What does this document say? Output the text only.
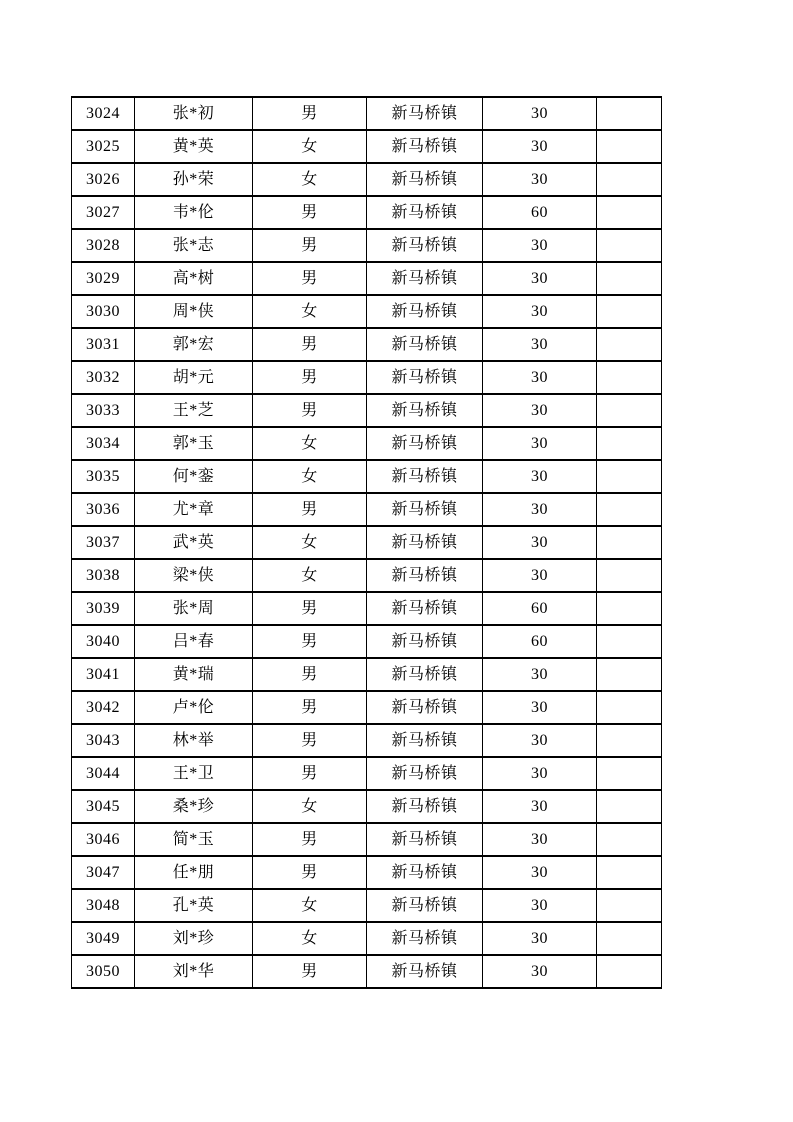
3024	张*初	男	新马桥镇	30	
3025	黄*英	女	新马桥镇	30	
3026	孙*荣	女	新马桥镇	30	
3027	韦*伦	男	新马桥镇	60	
3028	张*志	男	新马桥镇	30	
3029	高*树	男	新马桥镇	30	
3030	周*侠	女	新马桥镇	30	
3031	郭*宏	男	新马桥镇	30	
3032	胡*元	男	新马桥镇	30	
3033	王*芝	男	新马桥镇	30	
3034	郭*玉	女	新马桥镇	30	
3035	何*銮	女	新马桥镇	30	
3036	尤*章	男	新马桥镇	30	
3037	武*英	女	新马桥镇	30	
3038	梁*侠	女	新马桥镇	30	
3039	张*周	男	新马桥镇	60	
3040	吕*春	男	新马桥镇	60	
3041	黄*瑞	男	新马桥镇	30	
3042	卢*伦	男	新马桥镇	30	
3043	林*举	男	新马桥镇	30	
3044	王*卫	男	新马桥镇	30	
3045	桑*珍	女	新马桥镇	30	
3046	简*玉	男	新马桥镇	30	
3047	任*朋	男	新马桥镇	30	
3048	孔*英	女	新马桥镇	30	
3049	刘*珍	女	新马桥镇	30	
3050	刘*华	男	新马桥镇	30	
